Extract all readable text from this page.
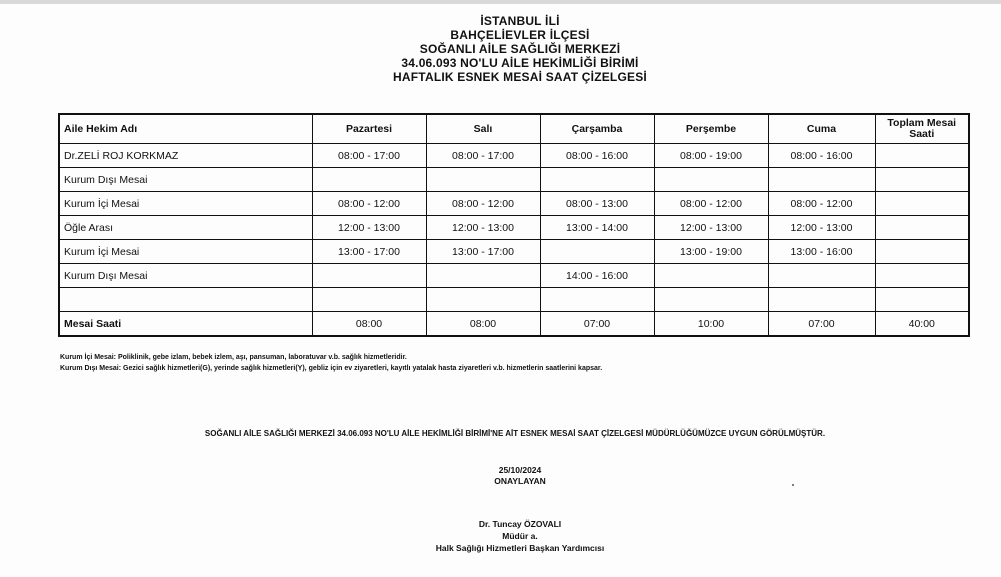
İSTANBUL İLİ
BAHÇELİEVLER İLÇESİ
SOĞANLI AİLE SAĞLIĞI MERKEZİ
34.06.093 NO'LU AİLE HEKİMLİĞİ BİRİMİ
HAFTALIK ESNEK MESAİ SAAT ÇİZELGESİ
Aile Hekim Adı	Pazartesi	Salı	Çarşamba	Perşembe	Cuma	Toplam Mesai Saati
Dr.ZELİ ROJ KORKMAZ	08:00 - 17:00	08:00 - 17:00	08:00 - 16:00	08:00 - 19:00	08:00 - 16:00	
Kurum Dışı Mesai						
Kurum İçi Mesai	08:00 - 12:00	08:00 - 12:00	08:00 - 13:00	08:00 - 12:00	08:00 - 12:00	
Öğle Arası	12:00 - 13:00	12:00 - 13:00	13:00 - 14:00	12:00 - 13:00	12:00 - 13:00	
Kurum İçi Mesai	13:00 - 17:00	13:00 - 17:00		13:00 - 19:00	13:00 - 16:00	
Kurum Dışı Mesai			14:00 - 16:00			

Mesai Saati	08:00	08:00	07:00	10:00	07:00	40:00
Kurum İçi Mesai: Poliklinik, gebe izlam, bebek izlem, aşı, pansuman, laboratuvar v.b. sağlık hizmetleridir.
Kurum Dışı Mesai: Gezici sağlık hizmetleri(G), yerinde sağlık hizmetleri(Y), gebliz için ev ziyaretleri, kayıtlı yatalak hasta ziyaretleri v.b. hizmetlerin saatlerini kapsar.
SOĞANLI AİLE SAĞLIĞI MERKEZİ 34.06.093 NO'LU AİLE HEKİMLİĞİ BİRİMİ'NE AİT ESNEK MESAİ SAAT ÇİZELGESİ MÜDÜRLÜĞÜMÜZCE UYGUN GÖRÜLMÜŞTÜR.
25/10/2024
ONAYLAYAN
Dr. Tuncay ÖZOVALI
Müdür a.
Halk Sağlığı Hizmetleri Başkan Yardımcısı
